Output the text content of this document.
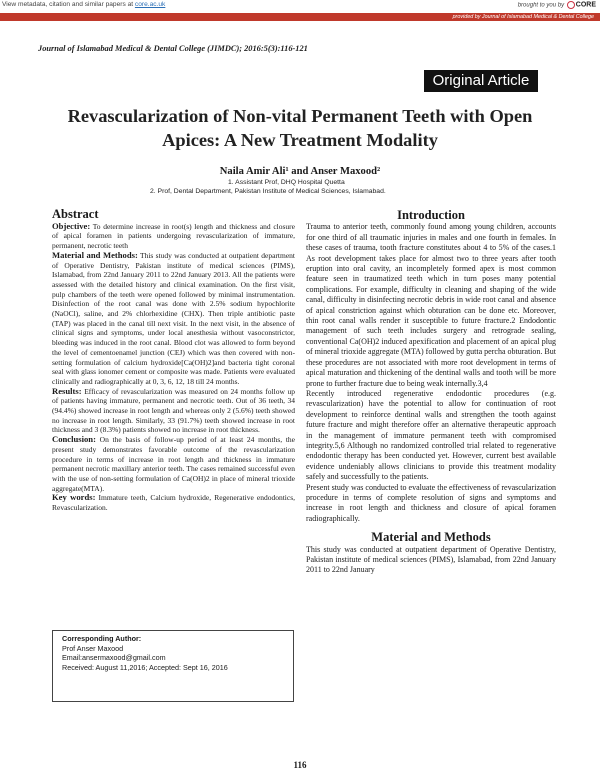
View metadata, citation and similar papers at core.ac.uk	brought to you by CORE
provided by Journal of Islamabad Medical & Dental College
Journal of Islamabad Medical & Dental College (JIMDC); 2016:5(3):116-121
Original Article
Revascularization of Non-vital Permanent Teeth with Open Apices: A New Treatment Modality
Naila Amir Ali¹ and Anser Maxood²
1. Assistant Prof, DHQ Hospital Quetta
2. Prof, Dental Department, Pakistan Institute of Medical Sciences, Islamabad.
Abstract

Objective: To determine increase in root(s) length and thickness and closure of apical foramen in patients undergoing revascularization of immature, permanent, necrotic teeth

Material and Methods: This study was conducted at outpatient department of Operative Dentistry, Pakistan institute of medical sciences (PIMS), Islamabad, from 22nd January 2011 to 22nd January 2013. All the patients were assessed with the detailed history and clinical examination. On the first visit, pulp chambers of the teeth were opened followed by minimal instrumentation. Disinfection of the root canal was done with 2.5% sodium hypochlorite (NaOCl), saline, and 2% chlorhexidine (CHX). Then triple antibiotic paste (TAP) was placed in the canal till next visit. In the next visit, in the absence of clinical signs and symptoms, under local anesthesia without vasoconstrictor, bleeding was induced in the root canal. Blood clot was allowed to form beyond the level of cementoenamel junction (CEJ) which was then covered with non-setting formulation of calcium hydroxide[Ca(OH)2]and bacteria tight coronal seal with glass ionomer cement or composite was made. Patients were evaluated clinically and radiographically at 0, 3, 6, 12, 18 till 24 months.

Results: Efficacy of revascularization was measured on 24 months follow up of patients having immature, permanent and necrotic teeth. Out of 36 teeth, 34 (94.4%) showed increase in root length and whereas only 2 (5.6%) teeth showed no increase in root length. Similarly, 33 (91.7%) teeth showed increase in root thickness and 3 (8.3%) patients showed no increase in root thickness.

Conclusion: On the basis of follow-up period of at least 24 months, the present study demonstrates favorable outcome of the revascularization procedure in terms of increase in root length and thickness in immature permanent necrotic maxillary anterior teeth. The cases remained successful even with the use of non-setting formulation of Ca(OH)2 in place of mineral trioxide aggregate(MTA).

Key words: Immature teeth, Calcium hydroxide, Regenerative endodontics, Revascularization.

Corresponding Author:
Prof Anser Maxood
Email:ansermaxood@gmail.com
Received: August 11,2016; Accepted: Sept 16, 2016
Introduction

Trauma to anterior teeth, commonly found among young children, accounts for one third of all traumatic injuries in males and one fourth in females. In these cases of trauma, tooth fracture constitutes about 4 to 5% of the cases.1 As root development takes place for almost two to three years after tooth eruption into oral cavity, an incompletely formed apex is most common feature seen in traumatized teeth which in turn poses many potential complications. For example, difficulty in cleaning and shaping of the wide canal, difficulty in disinfecting necrotic debris in wide root canal and absence of apical constriction against which obturation can be done etc. Moreover, thin root canal walls render it susceptible to future fracture.2 Endodontic management of such teeth includes surgery and retrograde sealing, conventional Ca(OH)2 induced apexification and placement of an apical plug of mineral trioxide aggregate (MTA) followed by gutta percha obturation. But these procedures are not associated with more root development in terms of apical maturation and thickening of the dentinal walls and tooth will be more prone to further fracture due to being weak internally.3,4

Recently introduced regenerative endodontic procedures (e.g. revascularization) have the potential to allow for continuation of root development to reinforce dentinal walls and strengthen the tooth against future fracture and might therefore offer an alternative therapeutic approach in the management of immature permanent teeth with compromised integrity.5,6 Although no randomized controlled trial related to regenerative endodontic therapy has been conducted yet. However, current best available evidence undeniably allows clinicians to provide this treatment modality safely and successfully to the patients.

Present study was conducted to evaluate the effectiveness of revascularization procedure in terms of complete resolution of signs and symptoms and increase in root length and thickness and closure of apical foramen radiographically.

Material and Methods

This study was conducted at outpatient department of Operative Dentistry, Pakistan institute of medical sciences (PIMS), Islamabad, from 22nd January 2011 to 22nd January

116
